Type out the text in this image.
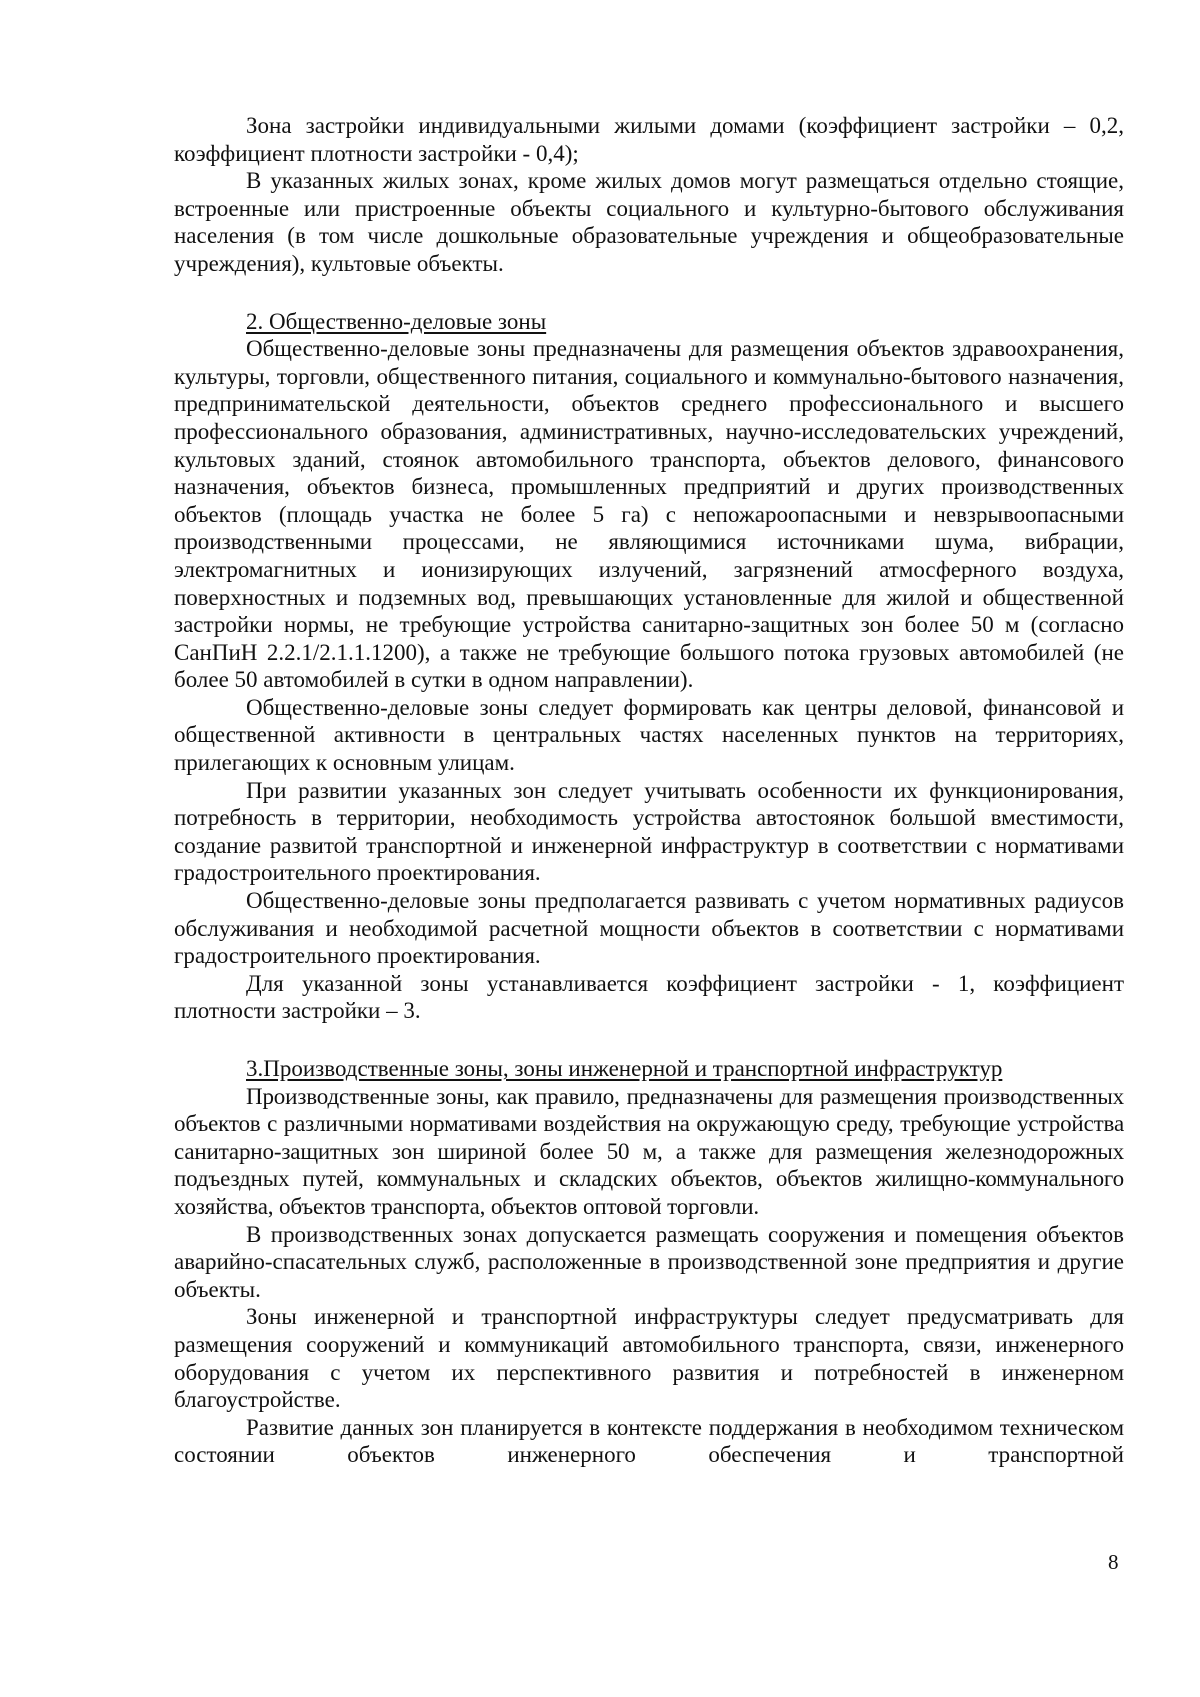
Зона застройки индивидуальными жилыми домами (коэффициент застройки – 0,2, коэффициент плотности застройки - 0,4);

В указанных жилых зонах, кроме жилых домов могут размещаться отдельно стоящие, встроенные или пристроенные объекты социального и культурно-бытового обслуживания населения (в том числе дошкольные образовательные учреждения и общеобразовательные учреждения), культовые объекты.

2. Общественно-деловые зоны

Общественно-деловые зоны предназначены для размещения объектов здравоохранения, культуры, торговли, общественного питания, социального и коммунально-бытового назначения, предпринимательской деятельности, объектов среднего профессионального и высшего профессионального образования, административных, научно-исследовательских учреждений, культовых зданий, стоянок автомобильного транспорта, объектов делового, финансового назначения, объектов бизнеса, промышленных предприятий и других производственных объектов (площадь участка не более 5 га) с непожароопасными и невзрывоопасными производственными процессами, не являющимися источниками шума, вибрации, электромагнитных и ионизирующих излучений, загрязнений атмосферного воздуха, поверхностных и подземных вод, превышающих установленные для жилой и общественной застройки нормы, не требующие устройства санитарно-защитных зон более 50 м (согласно СанПиН 2.2.1/2.1.1.1200), а также не требующие большого потока грузовых автомобилей (не более 50 автомобилей в сутки в одном направлении).

Общественно-деловые зоны следует формировать как центры деловой, финансовой и общественной активности в центральных частях населенных пунктов на территориях, прилегающих к основным улицам.

При развитии указанных зон следует учитывать особенности их функционирования, потребность в территории, необходимость устройства автостоянок большой вместимости, создание развитой транспортной и инженерной инфраструктур в соответствии с нормативами градостроительного проектирования.

Общественно-деловые зоны предполагается развивать с учетом нормативных радиусов обслуживания и необходимой расчетной мощности объектов в соответствии с нормативами градостроительного проектирования.

Для указанной зоны устанавливается коэффициент застройки - 1, коэффициент плотности застройки – 3.

3.Производственные зоны, зоны инженерной и транспортной инфраструктур

Производственные зоны, как правило, предназначены для размещения производственных объектов с различными нормативами воздействия на окружающую среду, требующие устройства санитарно-защитных зон шириной более 50 м, а также для размещения железнодорожных подъездных путей, коммунальных и складских объектов, объектов жилищно-коммунального хозяйства, объектов транспорта, объектов оптовой торговли.

В производственных зонах допускается размещать сооружения и помещения объектов аварийно-спасательных служб, расположенные в производственной зоне предприятия и другие объекты.

Зоны инженерной и транспортной инфраструктуры следует предусматривать для размещения сооружений и коммуникаций автомобильного транспорта, связи, инженерного оборудования с учетом их перспективного развития и потребностей в инженерном благоустройстве.

Развитие данных зон планируется в контексте поддержания в необходимом техническом состоянии объектов инженерного обеспечения и транспортной

8
